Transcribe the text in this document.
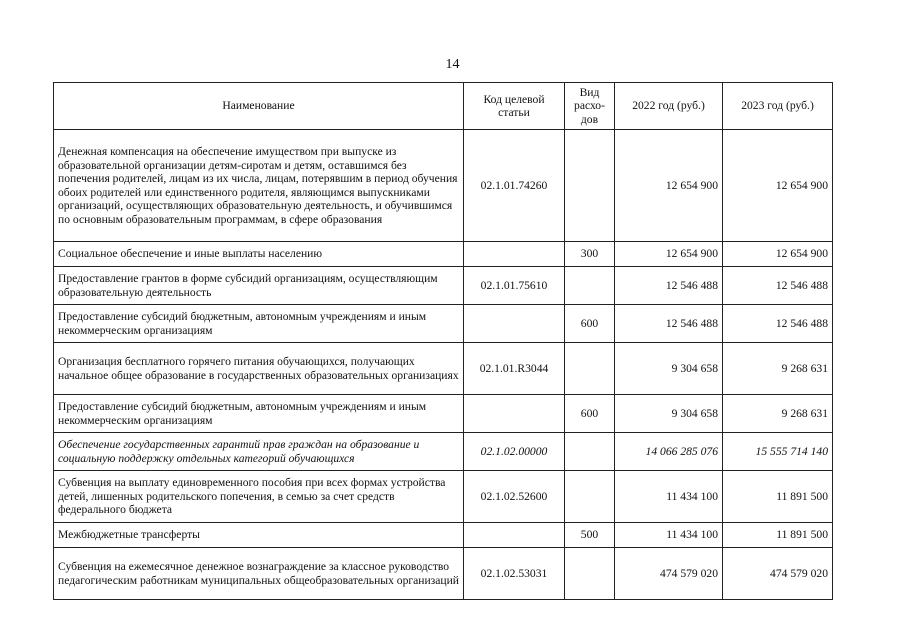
14
Наименование	Код целевой статьи	Вид расхо-дов	2022 год (руб.)	2023 год (руб.)
Денежная компенсация на обеспечение имуществом при выпуске из образовательной организации детям-сиротам и детям, оставшимся без попечения родителей, лицам из их числа, лицам, потерявшим в период обучения обоих родителей или единственного родителя, являющимся выпускниками организаций, осуществляющих образовательную деятельность, и обучившимся по основным образовательным программам, в сфере образования	02.1.01.74260		12 654 900	12 654 900
Социальное обеспечение и иные выплаты населению		300	12 654 900	12 654 900
Предоставление грантов в форме субсидий организациям, осуществляющим образовательную деятельность	02.1.01.75610		12 546 488	12 546 488
Предоставление субсидий бюджетным, автономным учреждениям и иным некоммерческим организациям		600	12 546 488	12 546 488
Организация бесплатного горячего питания обучающихся, получающих начальное общее образование в государственных образовательных организациях	02.1.01.R3044		9 304 658	9 268 631
Предоставление субсидий бюджетным, автономным учреждениям и иным некоммерческим организациям		600	9 304 658	9 268 631
Обеспечение государственных гарантий прав граждан на образование и социальную поддержку отдельных категорий обучающихся	02.1.02.00000		14 066 285 076	15 555 714 140
Субвенция на выплату единовременного пособия при всех формах устройства детей, лишенных родительского попечения, в семью за счет средств федерального бюджета	02.1.02.52600		11 434 100	11 891 500
Межбюджетные трансферты		500	11 434 100	11 891 500
Субвенция на ежемесячное денежное вознаграждение за классное руководство педагогическим работникам муниципальных общеобразовательных организаций	02.1.02.53031		474 579 020	474 579 020
